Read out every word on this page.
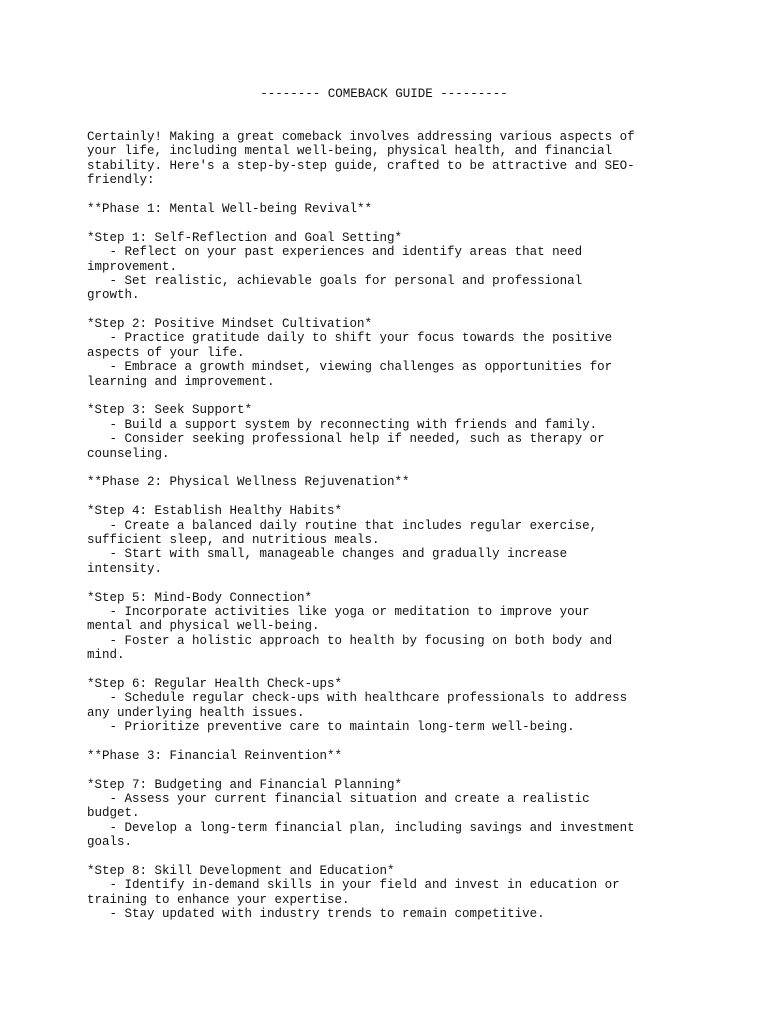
-------- COMEBACK GUIDE ---------
Certainly! Making a great comeback involves addressing various aspects of
your life, including mental well-being, physical health, and financial
stability. Here's a step-by-step guide, crafted to be attractive and SEO-
friendly:
**Phase 1: Mental Well-being Revival**
*Step 1: Self-Reflection and Goal Setting*
- Reflect on your past experiences and identify areas that need
improvement.
- Set realistic, achievable goals for personal and professional
growth.
*Step 2: Positive Mindset Cultivation*
- Practice gratitude daily to shift your focus towards the positive
aspects of your life.
- Embrace a growth mindset, viewing challenges as opportunities for
learning and improvement.
*Step 3: Seek Support*
- Build a support system by reconnecting with friends and family.
- Consider seeking professional help if needed, such as therapy or
counseling.
**Phase 2: Physical Wellness Rejuvenation**
*Step 4: Establish Healthy Habits*
- Create a balanced daily routine that includes regular exercise,
sufficient sleep, and nutritious meals.
- Start with small, manageable changes and gradually increase
intensity.
*Step 5: Mind-Body Connection*
- Incorporate activities like yoga or meditation to improve your
mental and physical well-being.
- Foster a holistic approach to health by focusing on both body and
mind.
*Step 6: Regular Health Check-ups*
- Schedule regular check-ups with healthcare professionals to address
any underlying health issues.
- Prioritize preventive care to maintain long-term well-being.
**Phase 3: Financial Reinvention**
*Step 7: Budgeting and Financial Planning*
- Assess your current financial situation and create a realistic
budget.
- Develop a long-term financial plan, including savings and investment
goals.
*Step 8: Skill Development and Education*
- Identify in-demand skills in your field and invest in education or
training to enhance your expertise.
- Stay updated with industry trends to remain competitive.
